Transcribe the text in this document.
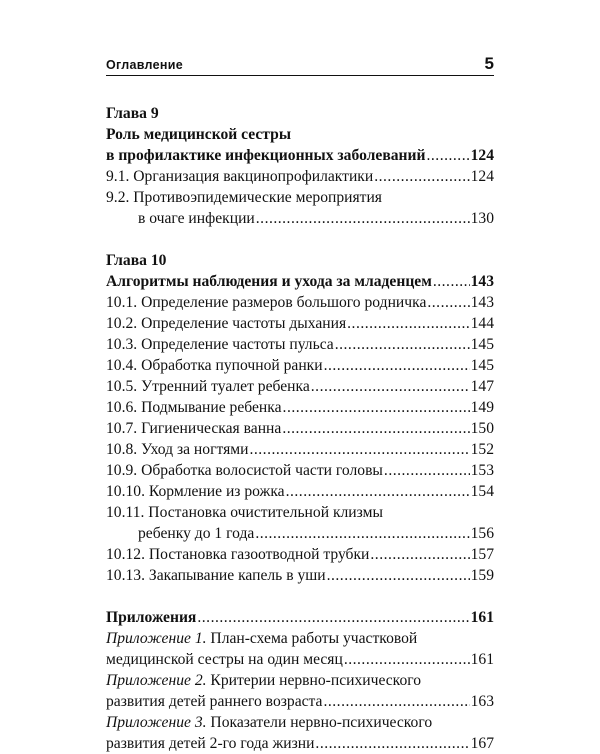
Оглавление	5
Глава 9
Роль медицинской сестры
в профилактике инфекционных заболеваний .....	124
9.1. Организация вакцинопрофилактики .....	124
9.2. Противоэпидемические мероприятия
в очаге инфекции .....	130
Глава 10
Алгоритмы наблюдения и ухода за младенцем ..... 143
10.1. Определение размеров большого родничка .....	143
10.2. Определение частоты дыхания .....	144
10.3. Определение частоты пульса .....	145
10.4. Обработка пупочной ранки .....	145
10.5. Утренний туалет ребенка .....	147
10.6. Подмывание ребенка .....	149
10.7. Гигиеническая ванна .....	150
10.8. Уход за ногтями .....	152
10.9. Обработка волосистой части головы .....	153
10.10. Кормление из рожка .....	154
10.11. Постановка очистительной клизмы
ребенку до 1 года .....	156
10.12. Постановка газоотводной трубки .....	157
10.13. Закапывание капель в уши .....	159
Приложения .....	161
Приложение 1. План-схема работы участковой
медицинской сестры на один месяц .....	161
Приложение 2. Критерии нервно-психического
развития детей раннего возраста .....	163
Приложение 3. Показатели нервно-психического
развития детей 2-го года жизни .....	167
